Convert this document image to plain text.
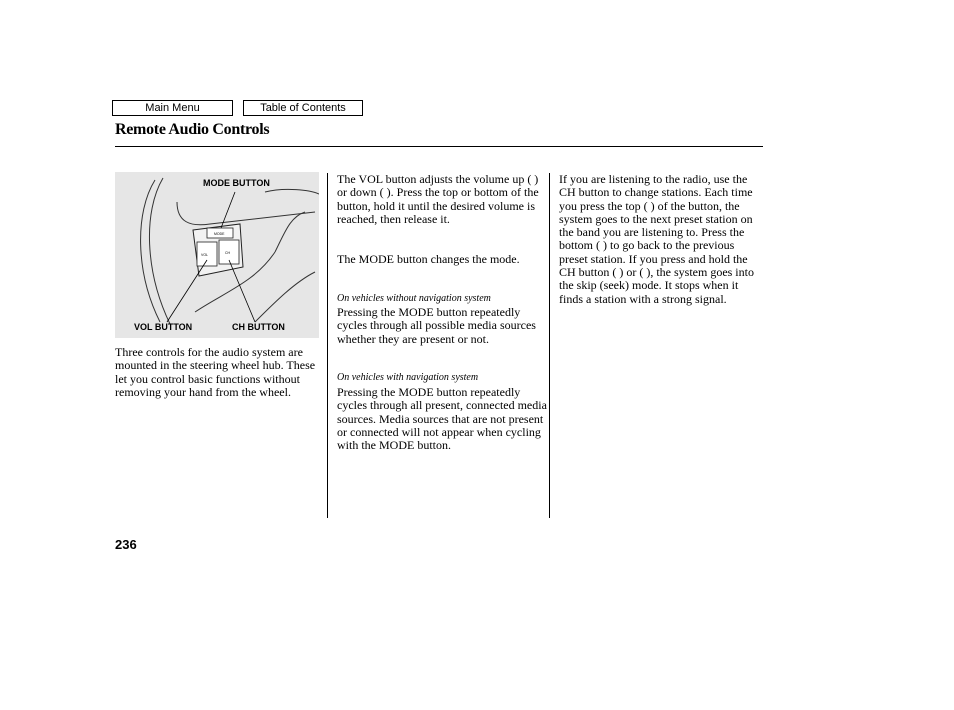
Main Menu	Table of Contents
Remote Audio Controls
MODE
VOL	CH
MODE BUTTON
VOL BUTTON	CH BUTTON

Three controls for the audio system are mounted in the steering wheel hub. These let you control basic functions without removing your hand from the wheel.

The VOL button adjusts the volume up ( ) or down ( ). Press the top or bottom of the button, hold it until the desired volume is reached, then release it.

The MODE button changes the mode.

On vehicles without navigation system

Pressing the MODE button repeatedly cycles through all possible media sources whether they are present or not.

On vehicles with navigation system

Pressing the MODE button repeatedly cycles through all present, connected media sources. Media sources that are not present or connected will not appear when cycling with the MODE button.

If you are listening to the radio, use the CH button to change stations. Each time you press the top ( ) of the button, the system goes to the next preset station on the band you are listening to. Press the bottom ( ) to go back to the previous preset station. If you press and hold the CH button ( ) or ( ), the system goes into the skip (seek) mode. It stops when it finds a station with a strong signal.

236
